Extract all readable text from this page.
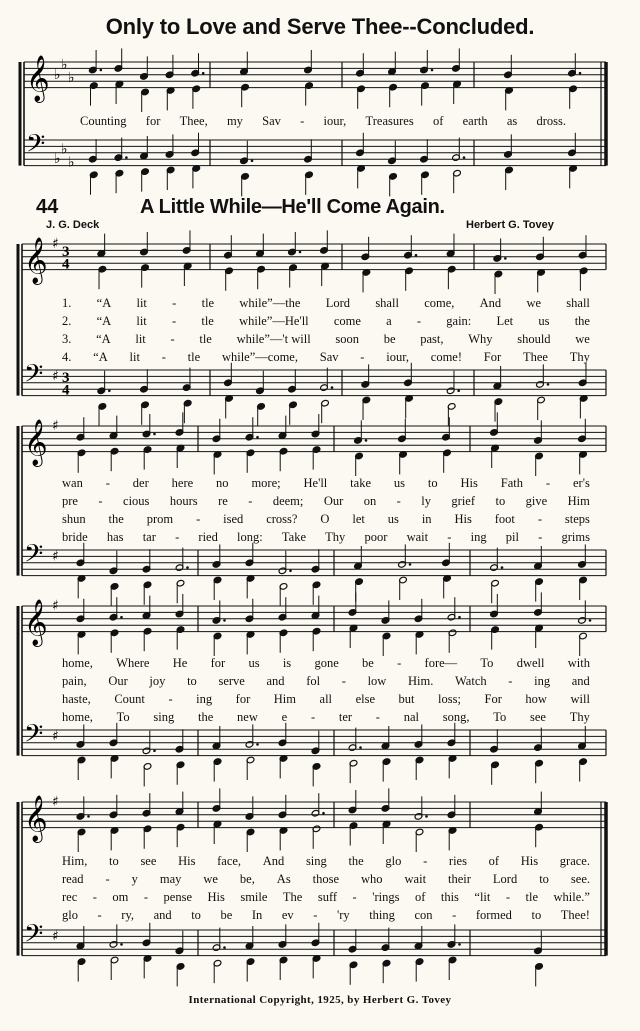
Only to Love and Serve Thee--Concluded.
𝄞
𝄢
♭
♭
♭
♭
♭
♭
𝄞
𝄢
♯
♯
3
4
3
4
𝄞
𝄢
♯
♯
𝄞
𝄢
♯
♯
𝄞
𝄢
♯
♯
Counting for Thee, my Sav - iour, Treasures of earth as dross.
44	A Little While—He'll Come Again.
J. G. Deck	Herbert G. Tovey
1. “A lit - tle while”—the Lord shall come, And we shall
2. “A lit - tle while”—He'll come a - gain: Let us the
3. “A lit - tle while”—'t will soon be past, Why should we
4. “A lit - tle while”—come, Sav - iour, come! For Thee Thy
wan - der here no more; He'll take us to His Fath - er's
pre - cious hours re - deem; Our on - ly grief to give Him
shun the prom - ised cross? O let us in His foot - steps
bride has tar - ried long: Take Thy poor wait - ing pil - grims
home, Where He for us is gone be - fore— To dwell with
pain, Our joy to serve and fol - low Him. Watch - ing and
haste, Count - ing for Him all else but loss; For how will
home, To sing the new e - ter - nal song, To see Thy
Him, to see His face, And sing the glo - ries of His grace.
read - y may we be, As those who wait their Lord to see.
rec - om - pense His smile The suff - 'rings of this “lit - tle while.”
glo - ry, and to be In ev - 'ry thing con - formed to Thee!
International Copyright, 1925, by Herbert G. Tovey
